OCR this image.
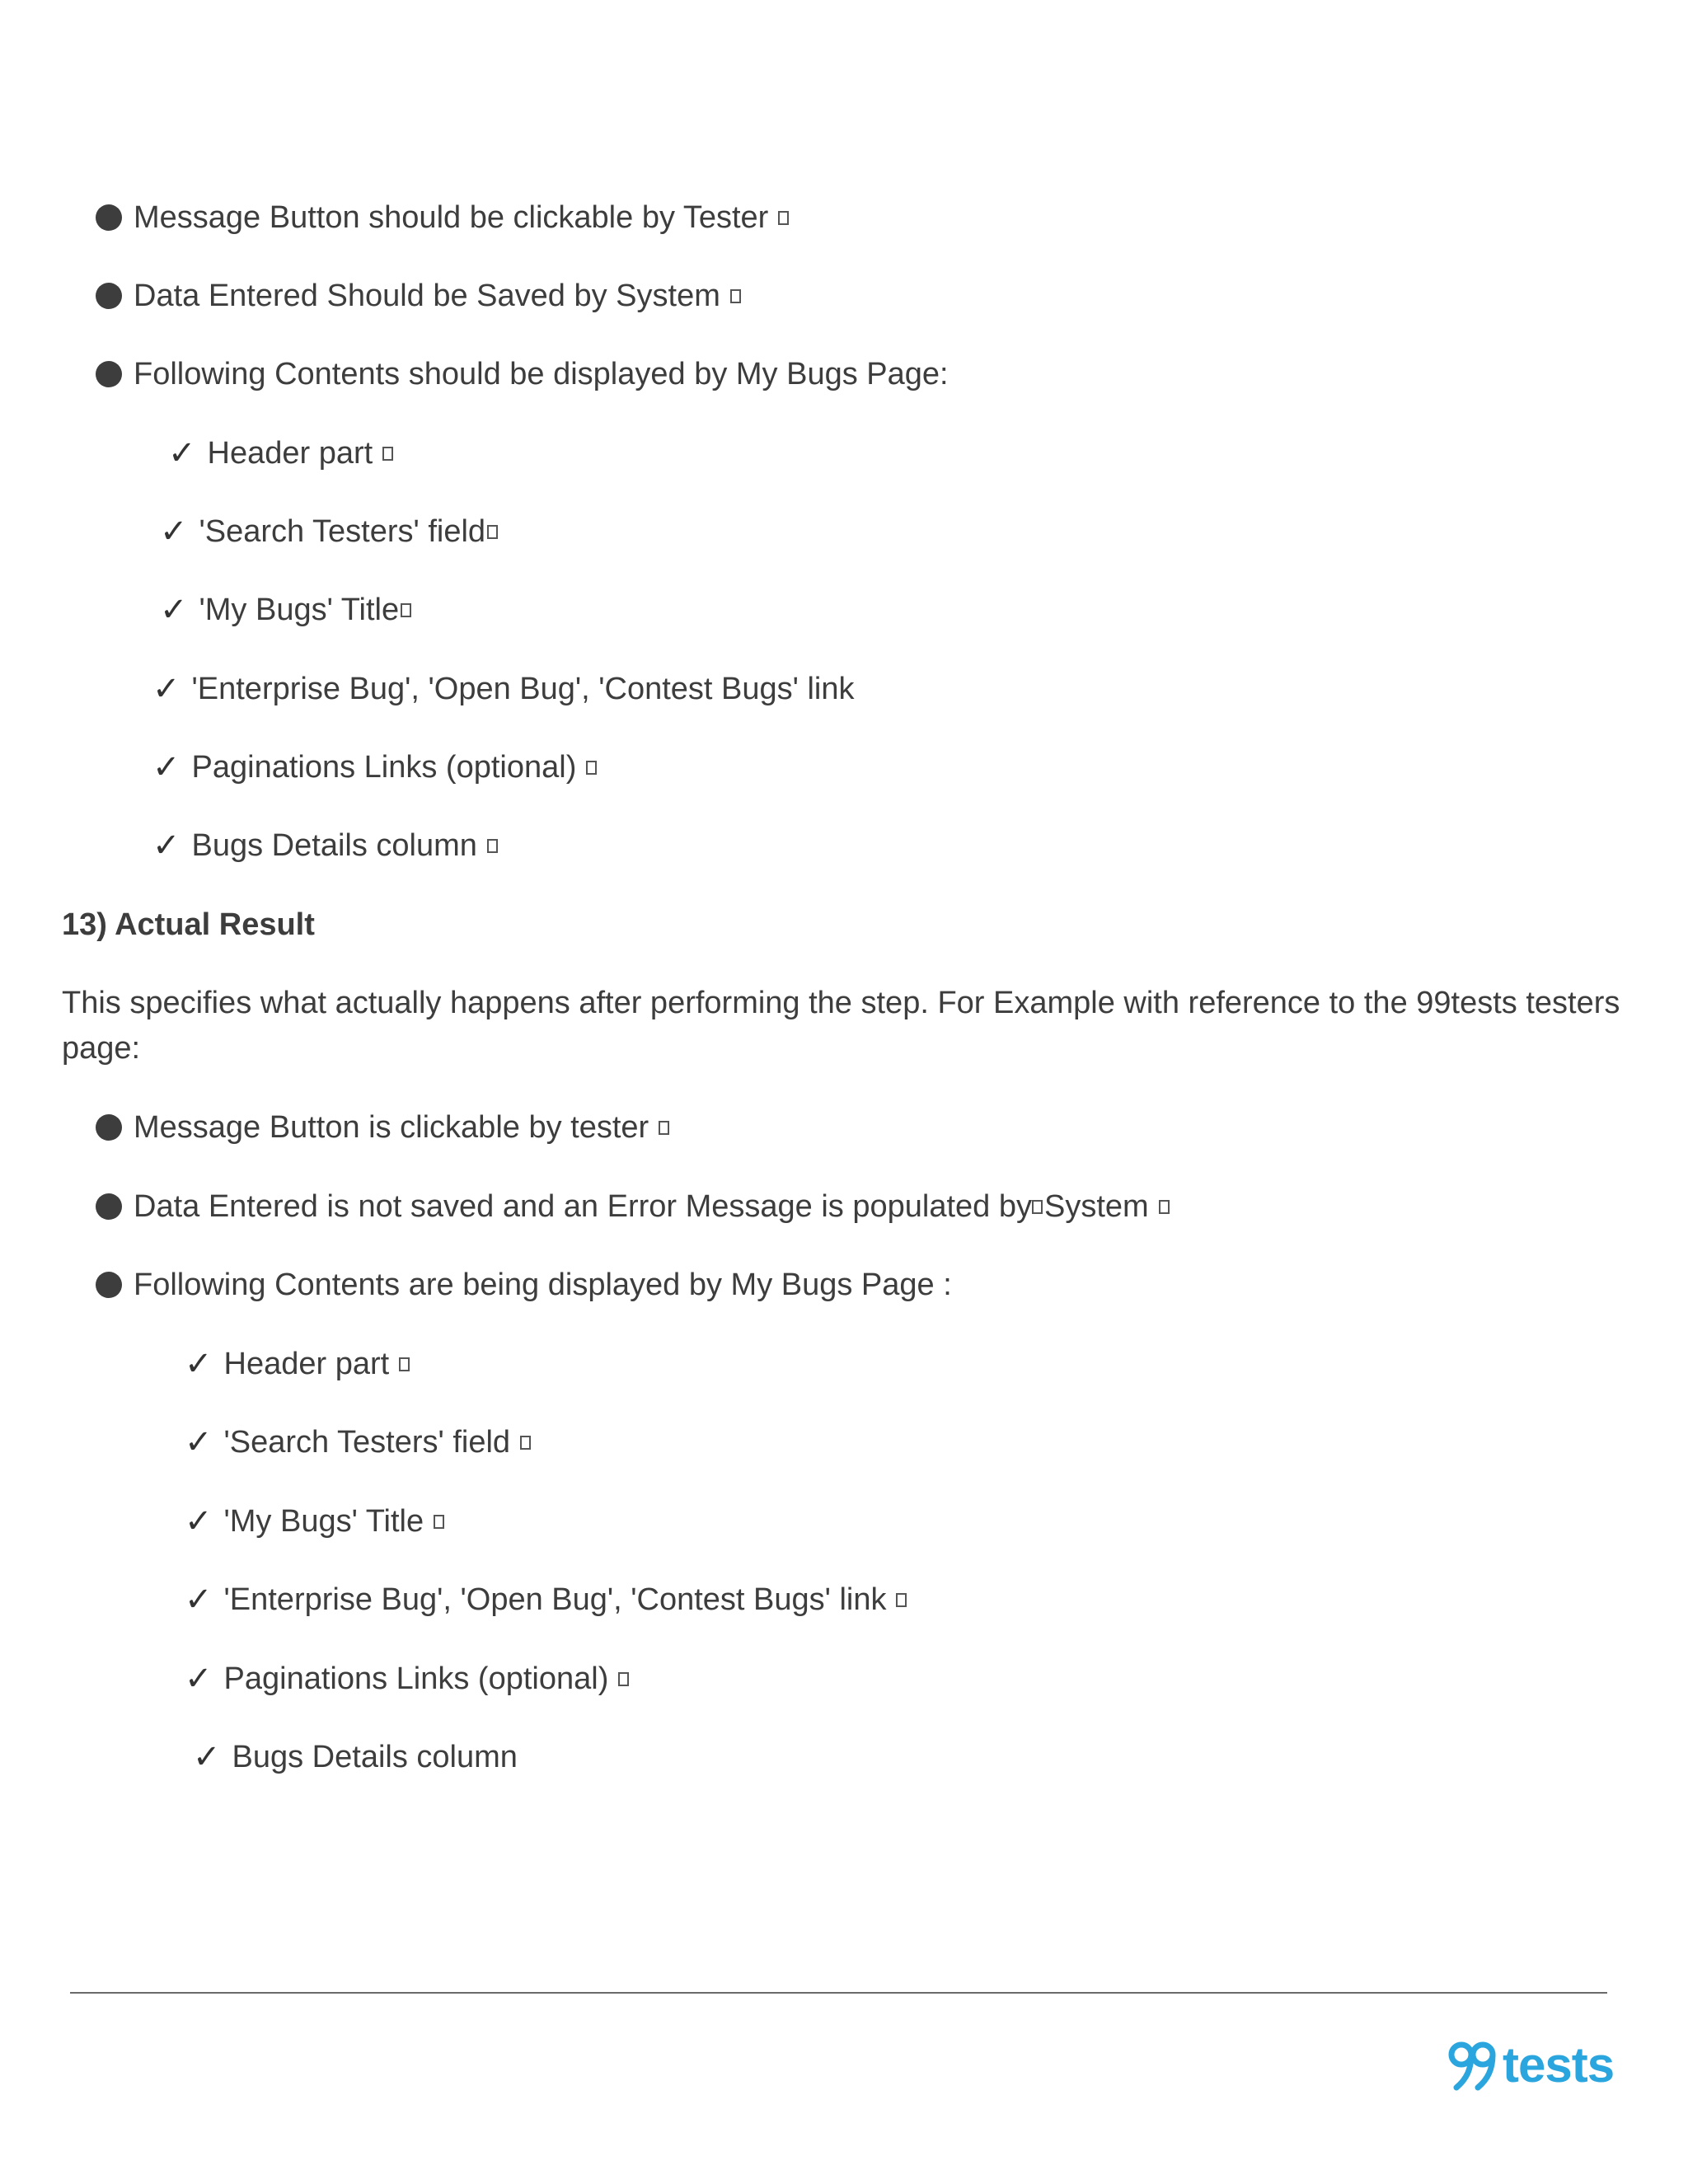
Message Button should be clickable by Tester
Data Entered Should be Saved by System
Following Contents should be displayed by My Bugs Page:
✓ Header part
✓ 'Search Testers' field
✓ 'My Bugs' Title
✓ 'Enterprise Bug', 'Open Bug', 'Contest Bugs' link
✓ Paginations Links (optional)
✓ Bugs Details column
13) Actual Result
This specifies what actually happens after performing the step. For Example with reference to the 99tests testers page:
Message Button is clickable by tester
Data Entered is not saved and an Error Message is populated by System
Following Contents are being displayed by My Bugs Page :
✓ Header part
✓ 'Search Testers' field
✓ 'My Bugs' Title
✓ 'Enterprise Bug', 'Open Bug', 'Contest Bugs' link
✓ Paginations Links (optional)
✓ Bugs Details column
tests
